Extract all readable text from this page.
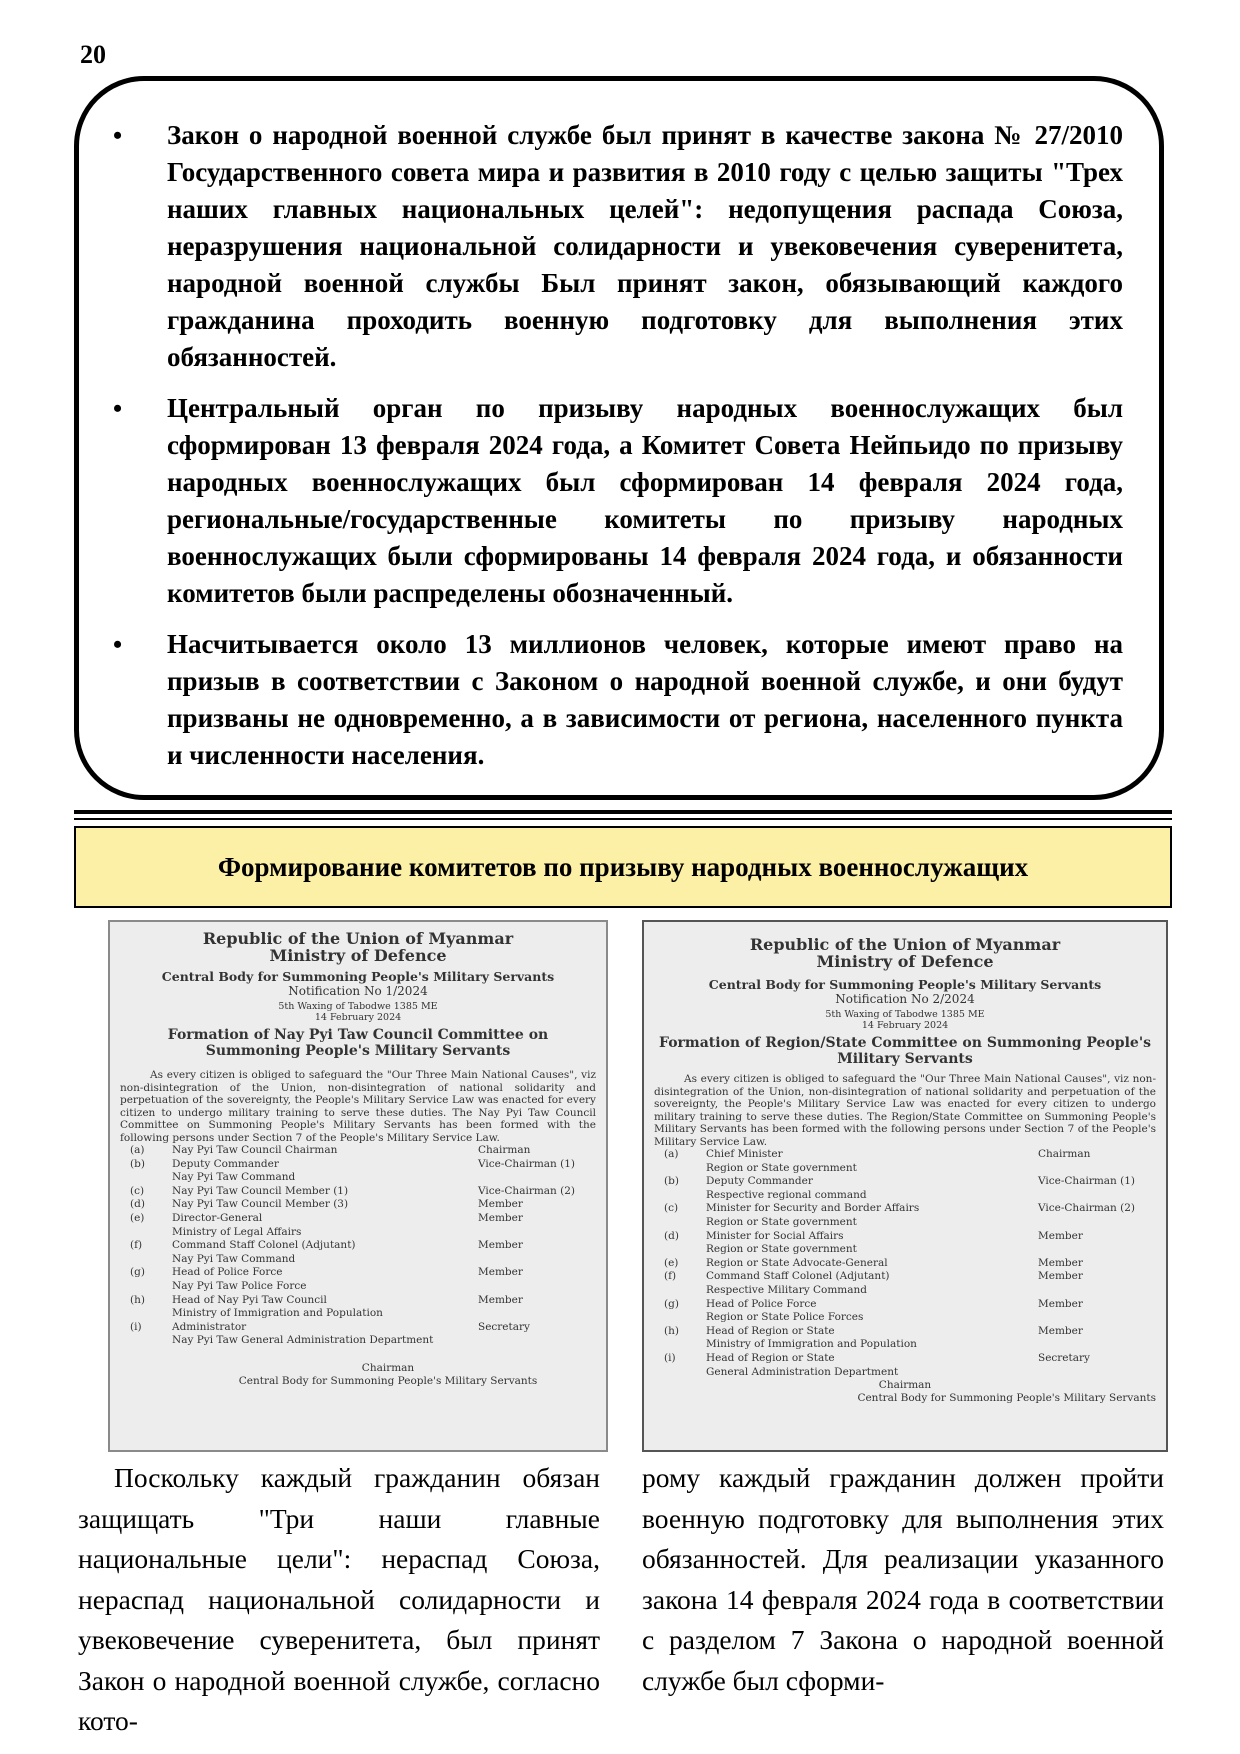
20
• Закон о народной военной службе был принят в качестве закона № 27/2010 Государственного совета мира и развития в 2010 году с целью защиты "Трех наших главных национальных целей": недопущения распада Союза, неразрушения национальной солидарности и увековечения суверенитета, народной военной службы Был принят закон, обязывающий каждого гражданина проходить военную подготовку для выполнения этих обязанностей.
• Центральный орган по призыву народных военнослужащих был сформирован 13 февраля 2024 года, а Комитет Совета Нейпьидо по призыву народных военнослужащих был сформирован 14 февраля 2024 года, региональные/государственные комитеты по призыву народных военнослужащих были сформированы 14 февраля 2024 года, и обязанности комитетов были распределены обозначенный.
• Насчитывается около 13 миллионов человек, которые имеют право на призыв в соответствии с Законом о народной военной службе, и они будут призваны не одновременно, а в зависимости от региона, населенного пункта и численности населения.
Формирование комитетов по призыву народных военнослужащих
Republic of the Union of Myanmar
Ministry of Defence
Central Body for Summoning People's Military Servants
Notification No 1/2024
5th Waxing of Tabodwe 1385 ME
14 February 2024
Formation of Nay Pyi Taw Council Committee on Summoning People's Military Servants
As every citizen is obliged to safeguard the "Our Three Main National Causes", viz non-disintegration of the Union, non-disintegration of national solidarity and perpetuation of the sovereignty, the People's Military Service Law was enacted for every citizen to undergo military training to serve these duties. The Nay Pyi Taw Council Committee on Summoning People's Military Servants has been formed with the following persons under Section 7 of the People's Military Service Law.
(a)	Nay Pyi Taw Council Chairman	Chairman
(b)	Deputy Commander	Vice-Chairman (1)
Nay Pyi Taw Command
(c)	Nay Pyi Taw Council Member (1)	Vice-Chairman (2)
(d)	Nay Pyi Taw Council Member (3)	Member
(e)	Director-General	Member
Ministry of Legal Affairs
(f)	Command Staff Colonel (Adjutant)	Member
Nay Pyi Taw Command
(g)	Head of Police Force	Member
Nay Pyi Taw Police Force
(h)	Head of Nay Pyi Taw Council	Member
Ministry of Immigration and Population
(i)	Administrator	Secretary
Nay Pyi Taw General Administration Department
Chairman
Central Body for Summoning People's Military Servants
Republic of the Union of Myanmar
Ministry of Defence
Central Body for Summoning People's Military Servants
Notification No 2/2024
5th Waxing of Tabodwe 1385 ME
14 February 2024
Formation of Region/State Committee on Summoning People's Military Servants
As every citizen is obliged to safeguard the "Our Three Main National Causes", viz non-disintegration of the Union, non-disintegration of national solidarity and perpetuation of the sovereignty, the People's Military Service Law was enacted for every citizen to undergo military training to serve these duties. The Region/State Committee on Summoning People's Military Servants has been formed with the following persons under Section 7 of the People's Military Service Law.
(a)	Chief Minister	Chairman
Region or State government
(b)	Deputy Commander	Vice-Chairman (1)
Respective regional command
(c)	Minister for Security and Border Affairs	Vice-Chairman (2)
Region or State government
(d)	Minister for Social Affairs	Member
Region or State government
(e)	Region or State Advocate-General	Member
(f)	Command Staff Colonel (Adjutant)	Member
Respective Military Command
(g)	Head of Police Force	Member
Region or State Police Forces
(h)	Head of Region or State	Member
Ministry of Immigration and Population
(i)	Head of Region or State	Secretary
General Administration Department
Chairman
Central Body for Summoning People's Military Servants
Поскольку каждый гражданин обязан защищать "Три наши главные национальные цели": нераспад Союза, нераспад национальной солидарности и увековечение суверенитета, был принят Закон о народной военной службе, согласно кото-
рому каждый гражданин должен пройти военную подготовку для выполнения этих обязанностей. Для реализации указанного закона 14 февраля 2024 года в соответствии с разделом 7 Закона о народной военной службе был сформи-
